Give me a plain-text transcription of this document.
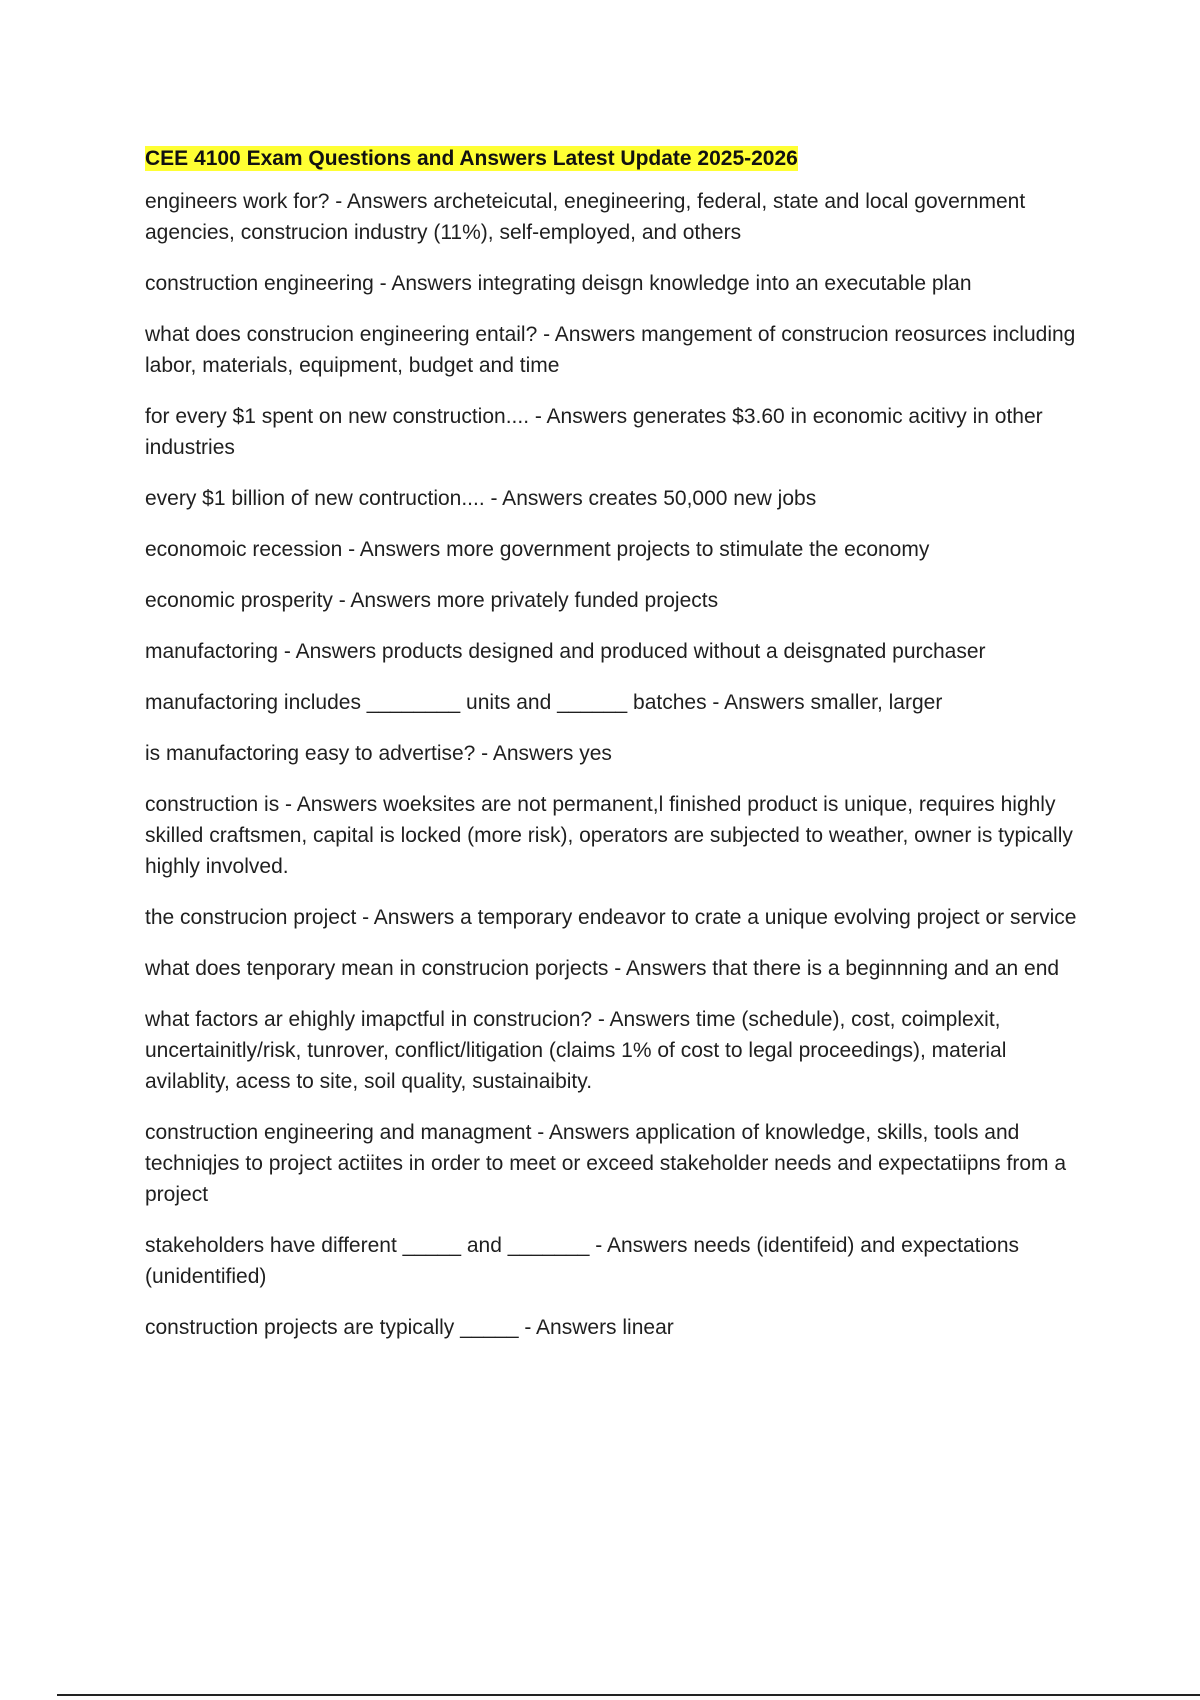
CEE 4100 Exam Questions and Answers Latest Update 2025-2026

engineers work for? - Answers archeteicutal, enegineering, federal, state and local government agencies, construcion industry (11%), self-employed, and others

construction engineering - Answers integrating deisgn knowledge into an executable plan

what does construcion engineering entail? - Answers mangement of construcion reosurces including labor, materials, equipment, budget and time

for every $1 spent on new construction.... - Answers generates $3.60 in economic acitivy in other industries

every $1 billion of new contruction.... - Answers creates 50,000 new jobs

economoic recession - Answers more government projects to stimulate the economy

economic prosperity - Answers more privately funded projects

manufactoring - Answers products designed and produced without a deisgnated purchaser

manufactoring includes ________ units and ______ batches - Answers smaller, larger

is manufactoring easy to advertise? - Answers yes

construction is - Answers woeksites are not permanent,l finished product is unique, requires highly skilled craftsmen, capital is locked (more risk), operators are subjected to weather, owner is typically highly involved.

the construcion project - Answers a temporary endeavor to crate a unique evolving project or service

what does tenporary mean in construcion porjects - Answers that there is a beginnning and an end

what factors ar ehighly imapctful in construcion? - Answers time (schedule), cost, coimplexit, uncertainitly/risk, tunrover, conflict/litigation (claims 1% of cost to legal proceedings), material avilablity, acess to site, soil quality, sustainaibity.

construction engineering and managment - Answers application of knowledge, skills, tools and techniqjes to project actiites in order to meet or exceed stakeholder needs and expectatiipns from a project

stakeholders have different _____ and _______ - Answers needs (identifeid) and expectations (unidentified)

construction projects are typically _____ - Answers linear
